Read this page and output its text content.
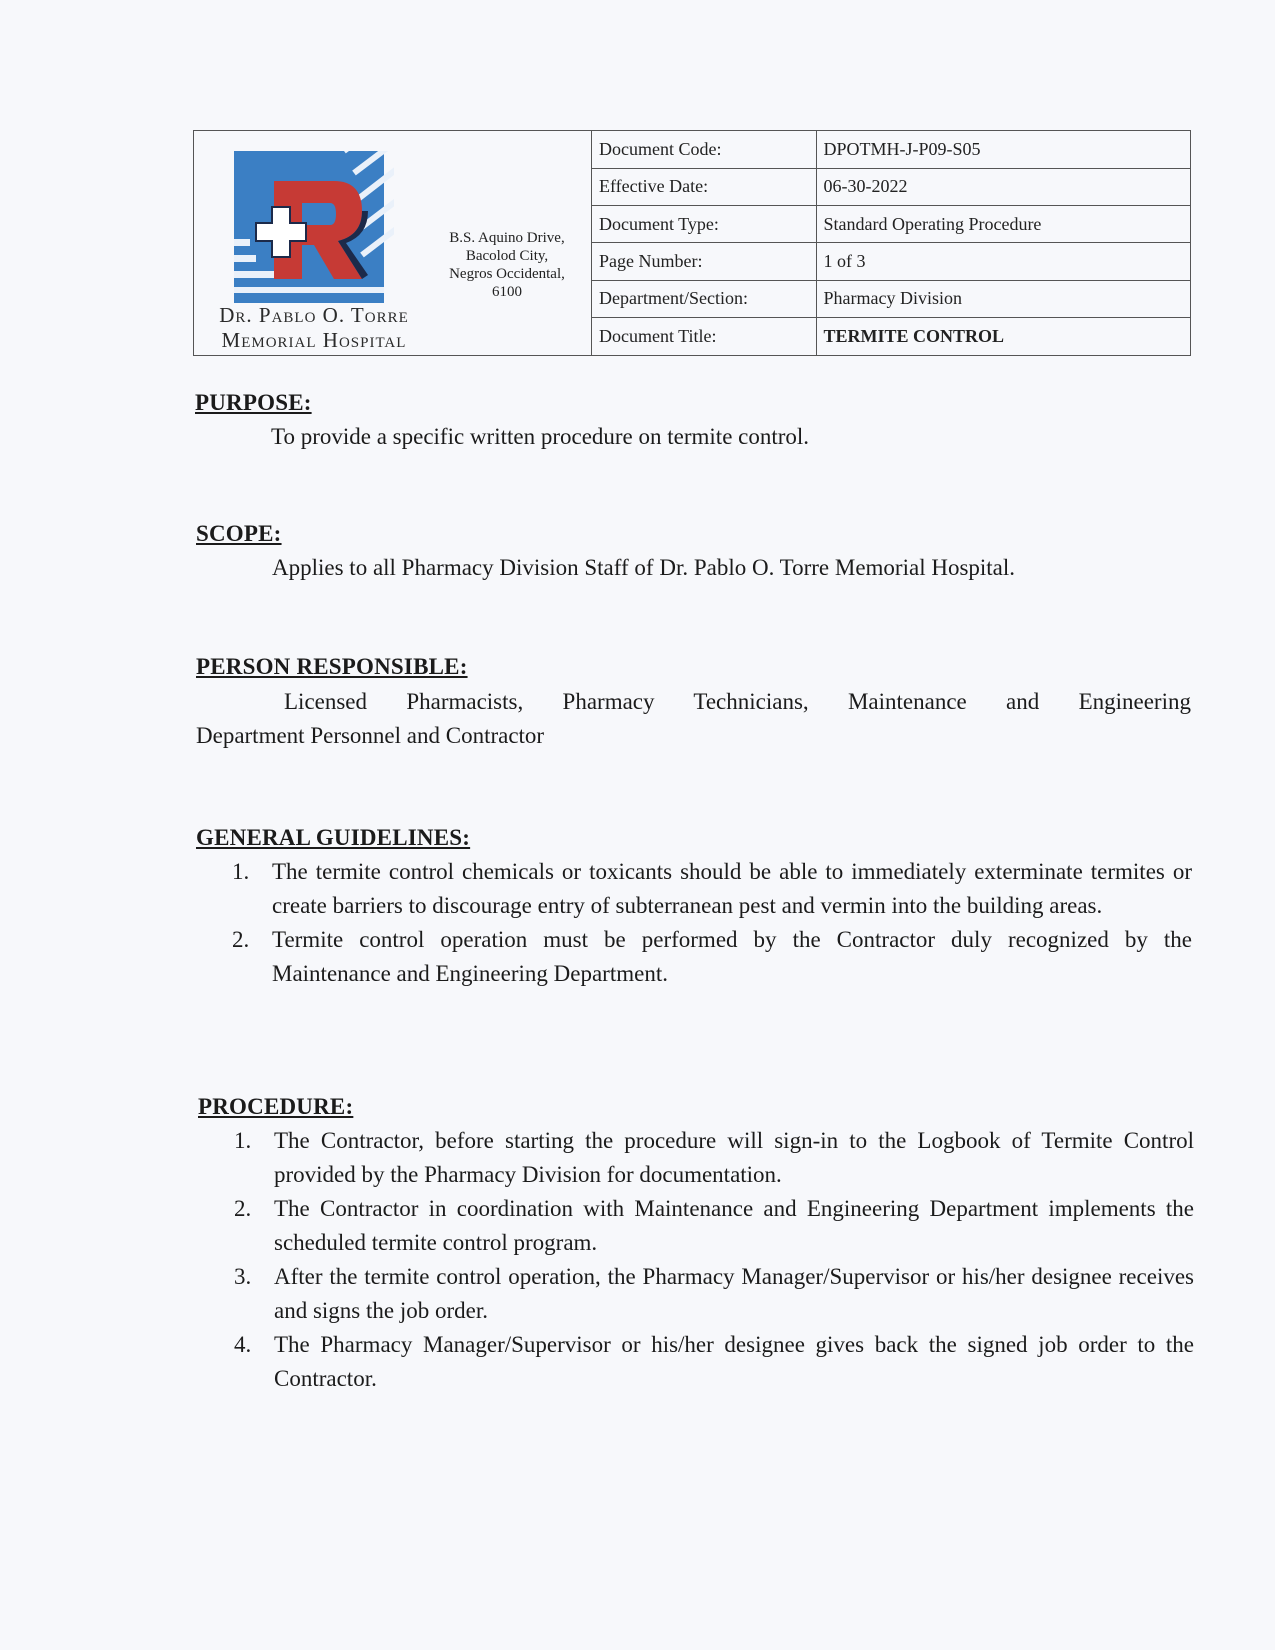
Dr. Pablo O. Torre
Memorial Hospital
B.S. Aquino Drive,
Bacolod City,
Negros Occidental,
6100
Document Code:	DPOTMH-J-P09-S05
Effective Date:	06-30-2022
Document Type:	Standard Operating Procedure
Page Number:	1 of 3
Department/Section:	Pharmacy Division
Document Title:	TERMITE CONTROL
PURPOSE:
To provide a specific written procedure on termite control.
SCOPE:
Applies to all Pharmacy Division Staff of Dr. Pablo O. Torre Memorial Hospital.
PERSON RESPONSIBLE:
Licensed Pharmacists, Pharmacy Technicians, Maintenance and Engineering
Department Personnel and Contractor
GENERAL GUIDELINES:
1. The termite control chemicals or toxicants should be able to immediately exterminate termites or create barriers to discourage entry of subterranean pest and vermin into the building areas.
2. Termite control operation must be performed by the Contractor duly recognized by the Maintenance and Engineering Department.
PROCEDURE:
1. The Contractor, before starting the procedure will sign-in to the Logbook of Termite Control provided by the Pharmacy Division for documentation.
2. The Contractor in coordination with Maintenance and Engineering Department implements the scheduled termite control program.
3. After the termite control operation, the Pharmacy Manager/Supervisor or his/her designee receives and signs the job order.
4. The Pharmacy Manager/Supervisor or his/her designee gives back the signed job order to the Contractor.
